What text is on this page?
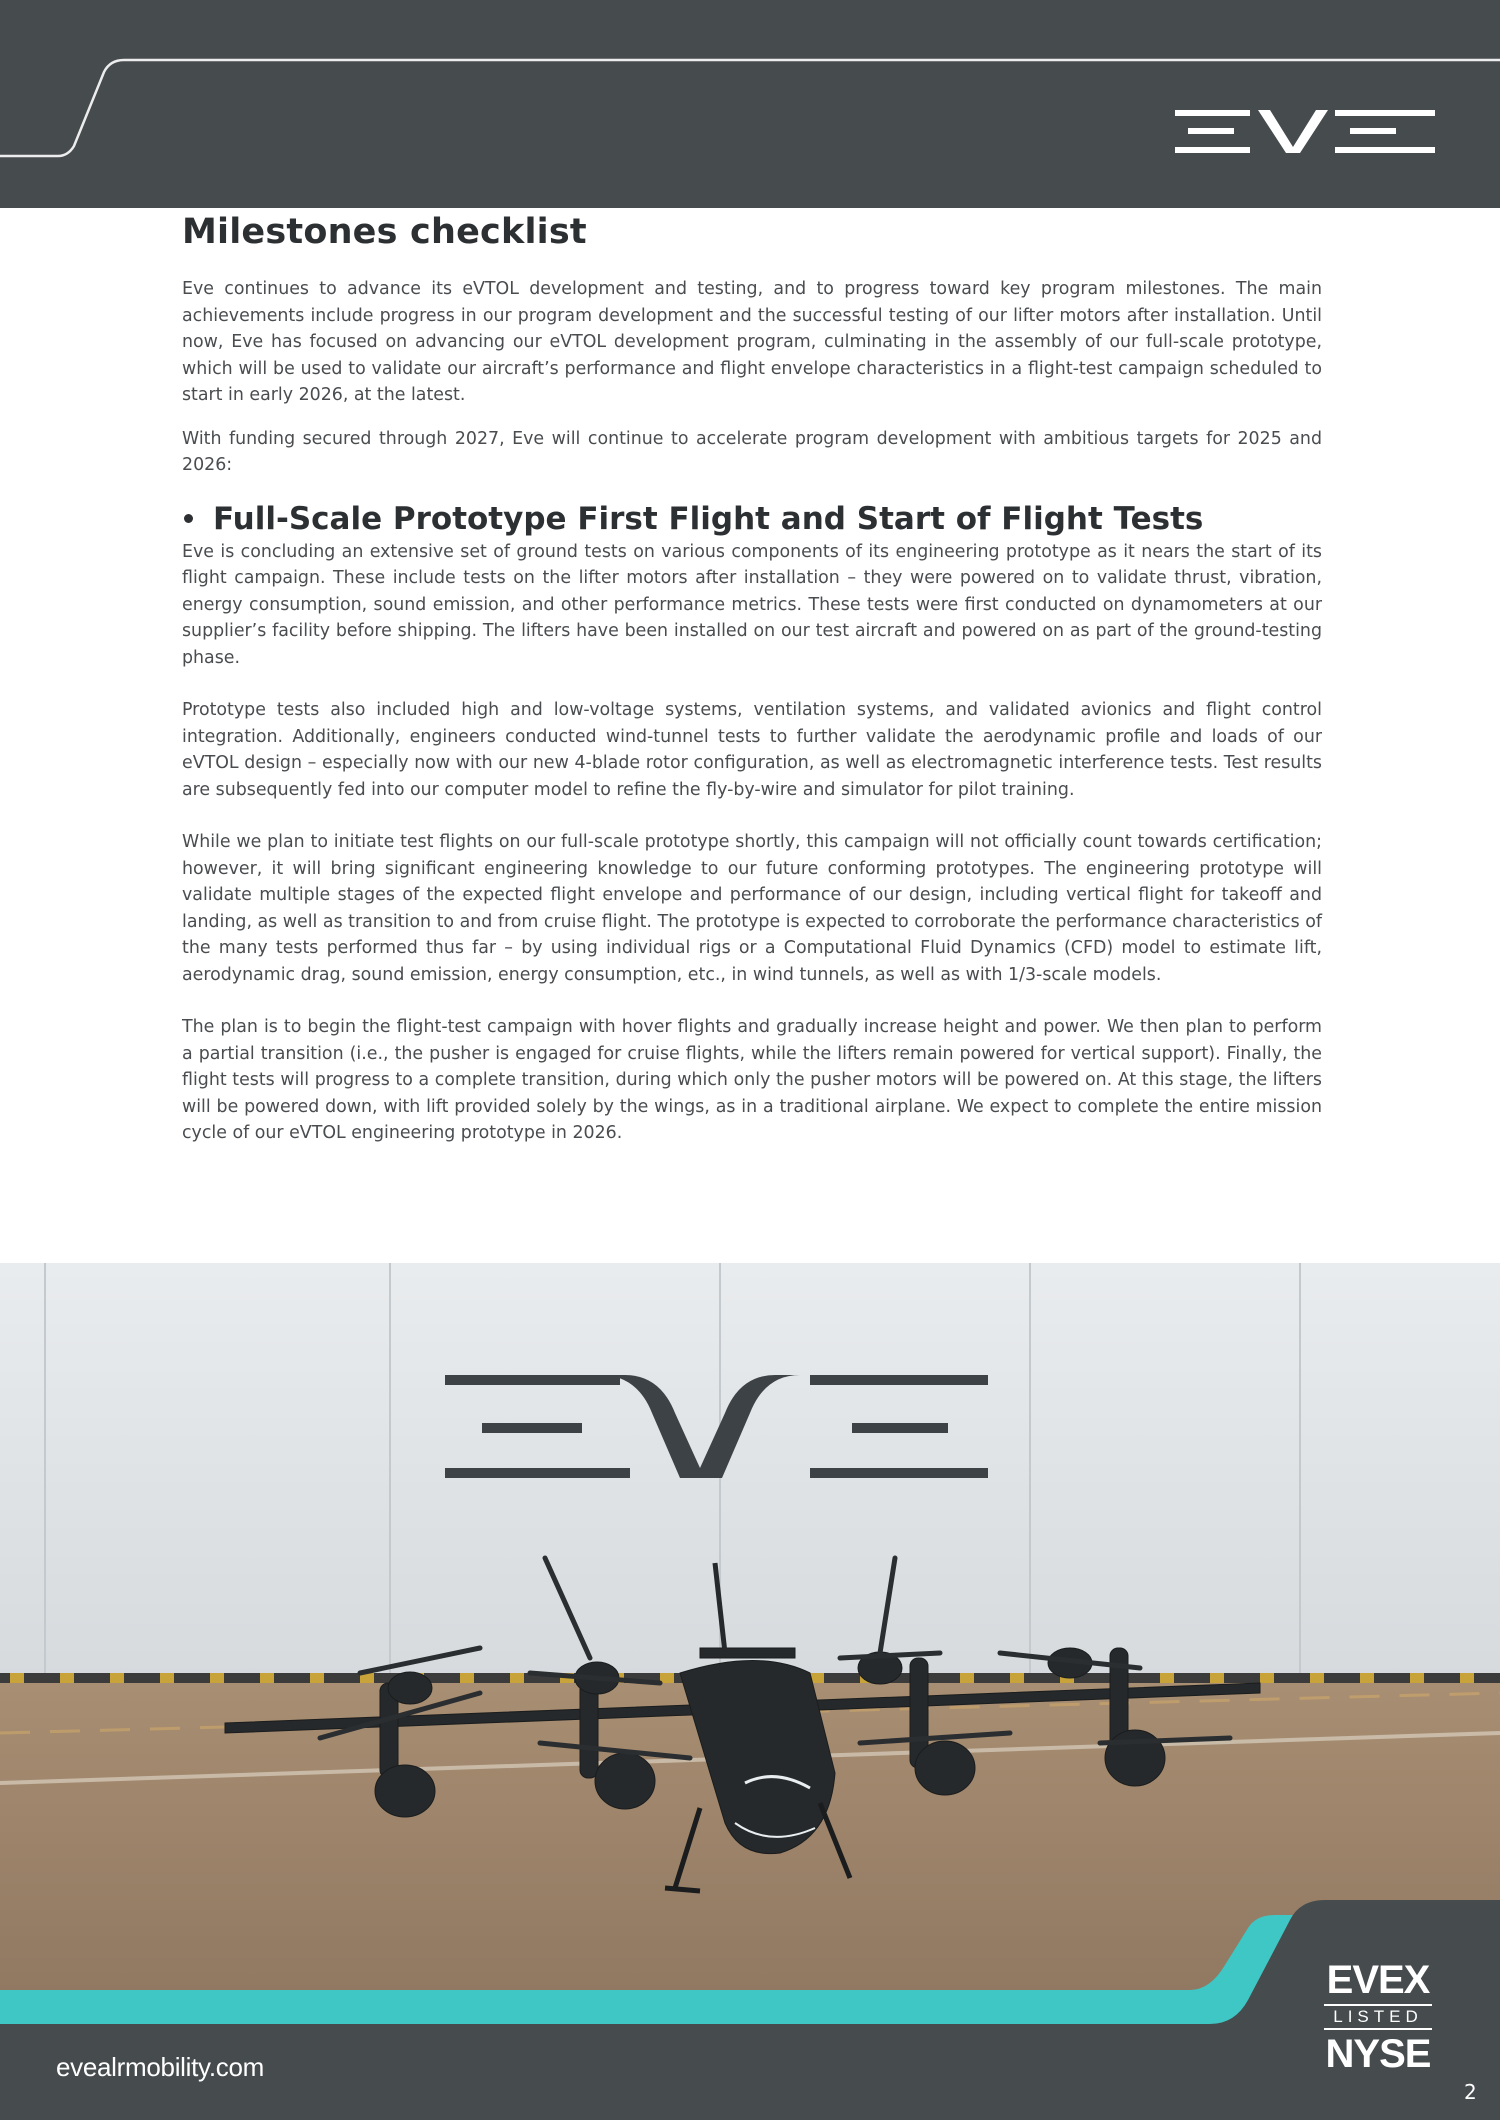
Milestones checklist

Eve continues to advance its eVTOL development and testing, and to progress toward key program milestones. The main achievements include progress in our program development and the successful testing of our lifter motors after installation. Until now, Eve has focused on advancing our eVTOL development program, culminating in the assembly of our full-scale prototype, which will be used to validate our aircraft’s performance and flight envelope characteristics in a flight-test campaign scheduled to start in early 2026, at the latest.

With funding secured through 2027, Eve will continue to accelerate program development with ambitious targets for 2025 and 2026:

Full-Scale Prototype First Flight and Start of Flight Tests

Eve is concluding an extensive set of ground tests on various components of its engineering prototype as it nears the start of its flight campaign. These include tests on the lifter motors after installation – they were powered on to validate thrust, vibration, energy consumption, sound emission, and other performance metrics. These tests were first conducted on dynamometers at our supplier’s facility before shipping. The lifters have been installed on our test aircraft and powered on as part of the ground-testing phase.

Prototype tests also included high and low-voltage systems, ventilation systems, and validated avionics and flight control integration. Additionally, engineers conducted wind-tunnel tests to further validate the aerodynamic profile and loads of our eVTOL design – especially now with our new 4-blade rotor configuration, as well as electromagnetic interference tests. Test results are subsequently fed into our computer model to refine the fly-by-wire and simulator for pilot training.

While we plan to initiate test flights on our full-scale prototype shortly, this campaign will not officially count towards certification; however, it will bring significant engineering knowledge to our future conforming prototypes. The engineering prototype will validate multiple stages of the expected flight envelope and performance of our design, including vertical flight for takeoff and landing, as well as transition to and from cruise flight. The prototype is expected to corroborate the performance characteristics of the many tests performed thus far – by using individual rigs or a Computational Fluid Dynamics (CFD) model to estimate lift, aerodynamic drag, sound emission, energy consumption, etc., in wind tunnels, as well as with 1/3-scale models.

The plan is to begin the flight-test campaign with hover flights and gradually increase height and power. We then plan to perform a partial transition (i.e., the pusher is engaged for cruise flights, while the lifters remain powered for vertical support). Finally, the flight tests will progress to a complete transition, during which only the pusher motors will be powered on. At this stage, the lifters will be powered down, with lift provided solely by the wings, as in a traditional airplane. We expect to complete the entire mission cycle of our eVTOL engineering prototype in 2026.

evealrmobility.com
EVEX
LISTED
NYSE
2
